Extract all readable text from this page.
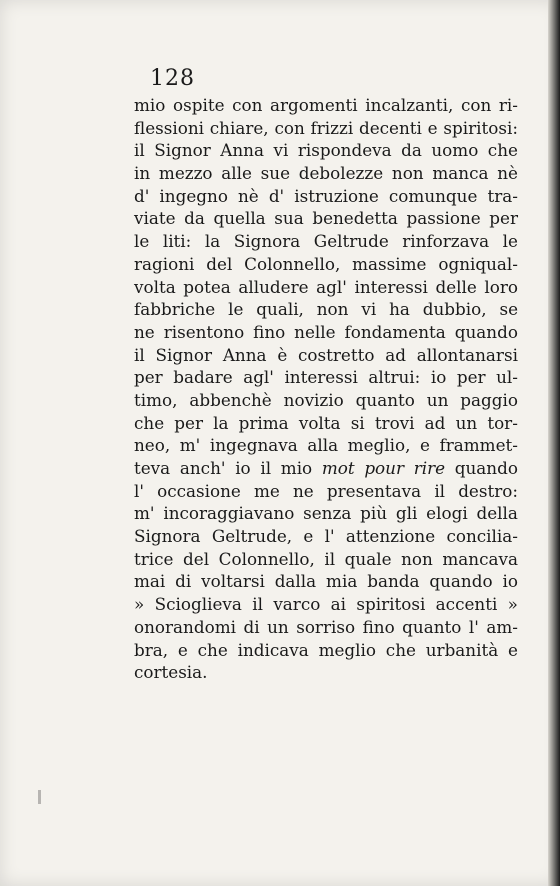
128
mio ospite con argomenti incalzanti, con ri-
flessioni chiare, con frizzi decenti e spiritosi:
il Signor Anna vi rispondeva da uomo che
in mezzo alle sue debolezze non manca nè
d' ingegno nè d' istruzione comunque tra-
viate da quella sua benedetta passione per
le liti: la Signora Geltrude rinforzava le
ragioni del Colonnello, massime ogniqual-
volta potea alludere agl' interessi delle loro
fabbriche le quali, non vi ha dubbio, se
ne risentono fino nelle fondamenta quando
il Signor Anna è costretto ad allontanarsi
per badare agl' interessi altrui: io per ul-
timo, abbenchè novizio quanto un paggio
che per la prima volta si trovi ad un tor-
neo, m' ingegnava alla meglio, e frammet-
teva anch' io il mio mot pour rire quando
l' occasione me ne presentava il destro:
m' incoraggiavano senza più gli elogi della
Signora Geltrude, e l' attenzione concilia-
trice del Colonnello, il quale non mancava
mai di voltarsi dalla mia banda quando io
» Scioglieva il varco ai spiritosi accenti »
onorandomi di un sorriso fino quanto l' am-
bra, e che indicava meglio che urbanità e
cortesia.
